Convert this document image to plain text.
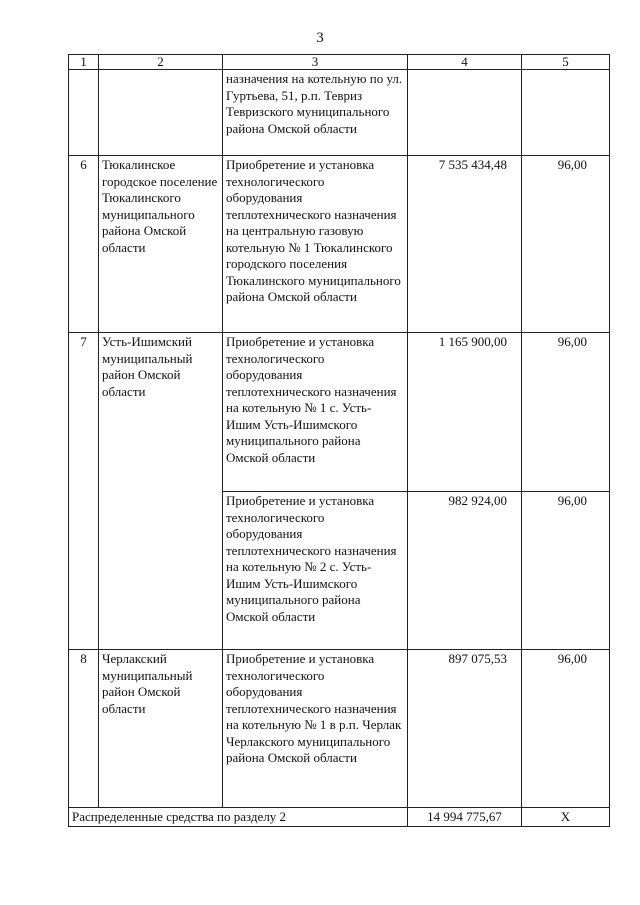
3
1	2	3	4	5
		назначения на котельную по ул. Гуртьева, 51, р.п. Тевриз Тевризского муниципального района Омской области		
6	Тюкалинское городское поселение Тюкалинского муниципального района Омской области	Приобретение и установка технологического оборудования теплотехнического назначения на центральную газовую котельную № 1 Тюкалинского городского поселения Тюкалинского муниципального района Омской области	7 535 434,48	96,00
7	Усть-Ишимский муниципальный район Омской области	Приобретение и установка технологического оборудования теплотехнического назначения на котельную № 1 с. Усть-Ишим Усть-Ишимского муниципального района Омской области	1 165 900,00	96,00
		Приобретение и установка технологического оборудования теплотехнического назначения на котельную № 2 с. Усть-Ишим Усть-Ишимского муниципального района Омской области	982 924,00	96,00
8	Черлакский муниципальный район Омской области	Приобретение и установка технологического оборудования теплотехнического назначения на котельную № 1 в р.п. Черлак Черлакского муниципального района Омской области	897 075,53	96,00
Распределенные средства по разделу 2			14 994 775,67	Х
